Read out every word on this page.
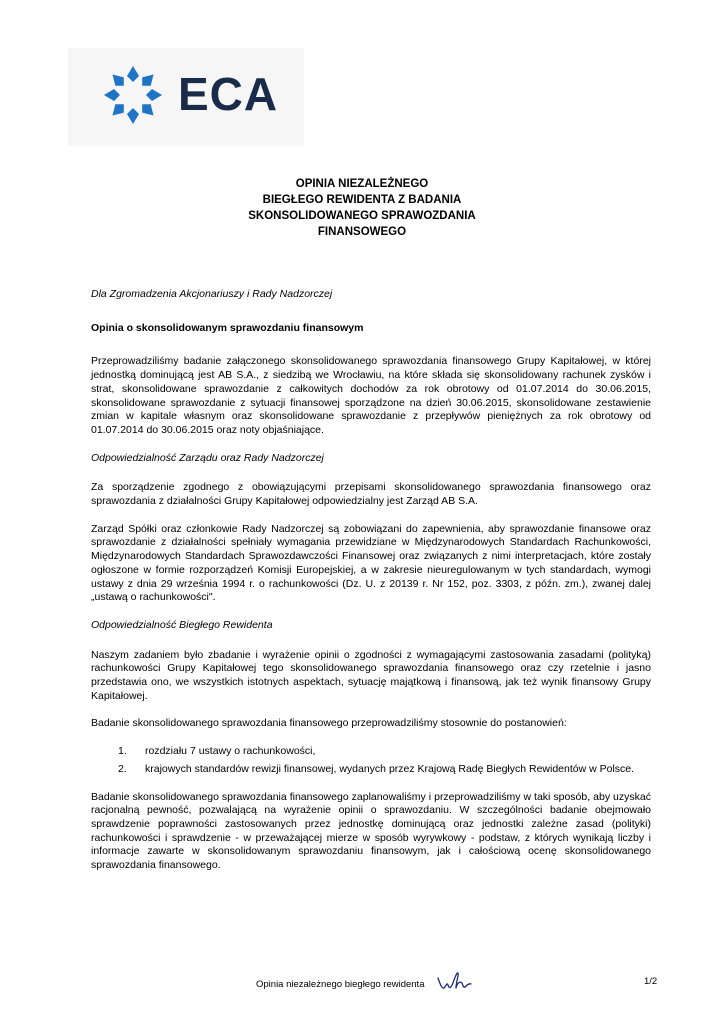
ECA
OPINIA NIEZALEŻNEGO
BIEGŁEGO REWIDENTA Z BADANIA
SKONSOLIDOWANEGO SPRAWOZDANIA
FINANSOWEGO

Dla Zgromadzenia Akcjonariuszy i Rady Nadzorczej

Opinia o skonsolidowanym sprawozdaniu finansowym

Przeprowadziliśmy badanie załączonego skonsolidowanego sprawozdania finansowego Grupy Kapitałowej, w której jednostką dominującą jest AB S.A., z siedzibą we Wrocławiu, na które składa się skonsolidowany rachunek zysków i strat, skonsolidowane sprawozdanie z całkowitych dochodów za rok obrotowy od 01.07.2014 do 30.06.2015, skonsolidowane sprawozdanie z sytuacji finansowej sporządzone na dzień 30.06.2015, skonsolidowane zestawienie zmian w kapitale własnym oraz skonsolidowane sprawozdanie z przepływów pieniężnych za rok obrotowy od 01.07.2014 do 30.06.2015 oraz noty objaśniające.

Odpowiedzialność Zarządu oraz Rady Nadzorczej

Za sporządzenie zgodnego z obowiązującymi przepisami skonsolidowanego sprawozdania finansowego oraz sprawozdania z działalności Grupy Kapitałowej odpowiedzialny jest Zarząd AB S.A.

Zarząd Spółki oraz członkowie Rady Nadzorczej są zobowiązani do zapewnienia, aby sprawozdanie finansowe oraz sprawozdanie z działalności spełniały wymagania przewidziane w Międzynarodowych Standardach Rachunkowości, Międzynarodowych Standardach Sprawozdawczości Finansowej oraz związanych z nimi interpretacjach, które zostały ogłoszone w formie rozporządzeń Komisji Europejskiej, a w zakresie nieuregulowanym w tych standardach, wymogi ustawy z dnia 29 września 1994 r. o rachunkowości (Dz. U. z 20139 r. Nr 152, poz. 3303, z późn. zm.), zwanej dalej „ustawą o rachunkowości".

Odpowiedzialność Biegłego Rewidenta

Naszym zadaniem było zbadanie i wyrażenie opinii o zgodności z wymagającymi zastosowania zasadami (polityką) rachunkowości Grupy Kapitałowej tego skonsolidowanego sprawozdania finansowego oraz czy rzetelnie i jasno przedstawia ono, we wszystkich istotnych aspektach, sytuację majątkową i finansową, jak też wynik finansowy Grupy Kapitałowej.

Badanie skonsolidowanego sprawozdania finansowego przeprowadziliśmy stosownie do postanowień:

1. rozdziału 7 ustawy o rachunkowości,
2. krajowych standardów rewizji finansowej, wydanych przez Krajową Radę Biegłych Rewidentów w Polsce.

Badanie skonsolidowanego sprawozdania finansowego zaplanowaliśmy i przeprowadziliśmy w taki sposób, aby uzyskać racjonalną pewność, pozwalającą na wyrażenie opinii o sprawozdaniu. W szczególności badanie obejmowało sprawdzenie poprawności zastosowanych przez jednostkę dominującą oraz jednostki zależne zasad (polityki) rachunkowości i sprawdzenie - w przeważającej mierze w sposób wyrywkowy - podstaw, z których wynikają liczby i informacje zawarte w skonsolidowanym sprawozdaniu finansowym, jak i całościową ocenę skonsolidowanego sprawozdania finansowego.

Opinia niezależnego biegłego rewidenta	1/2
